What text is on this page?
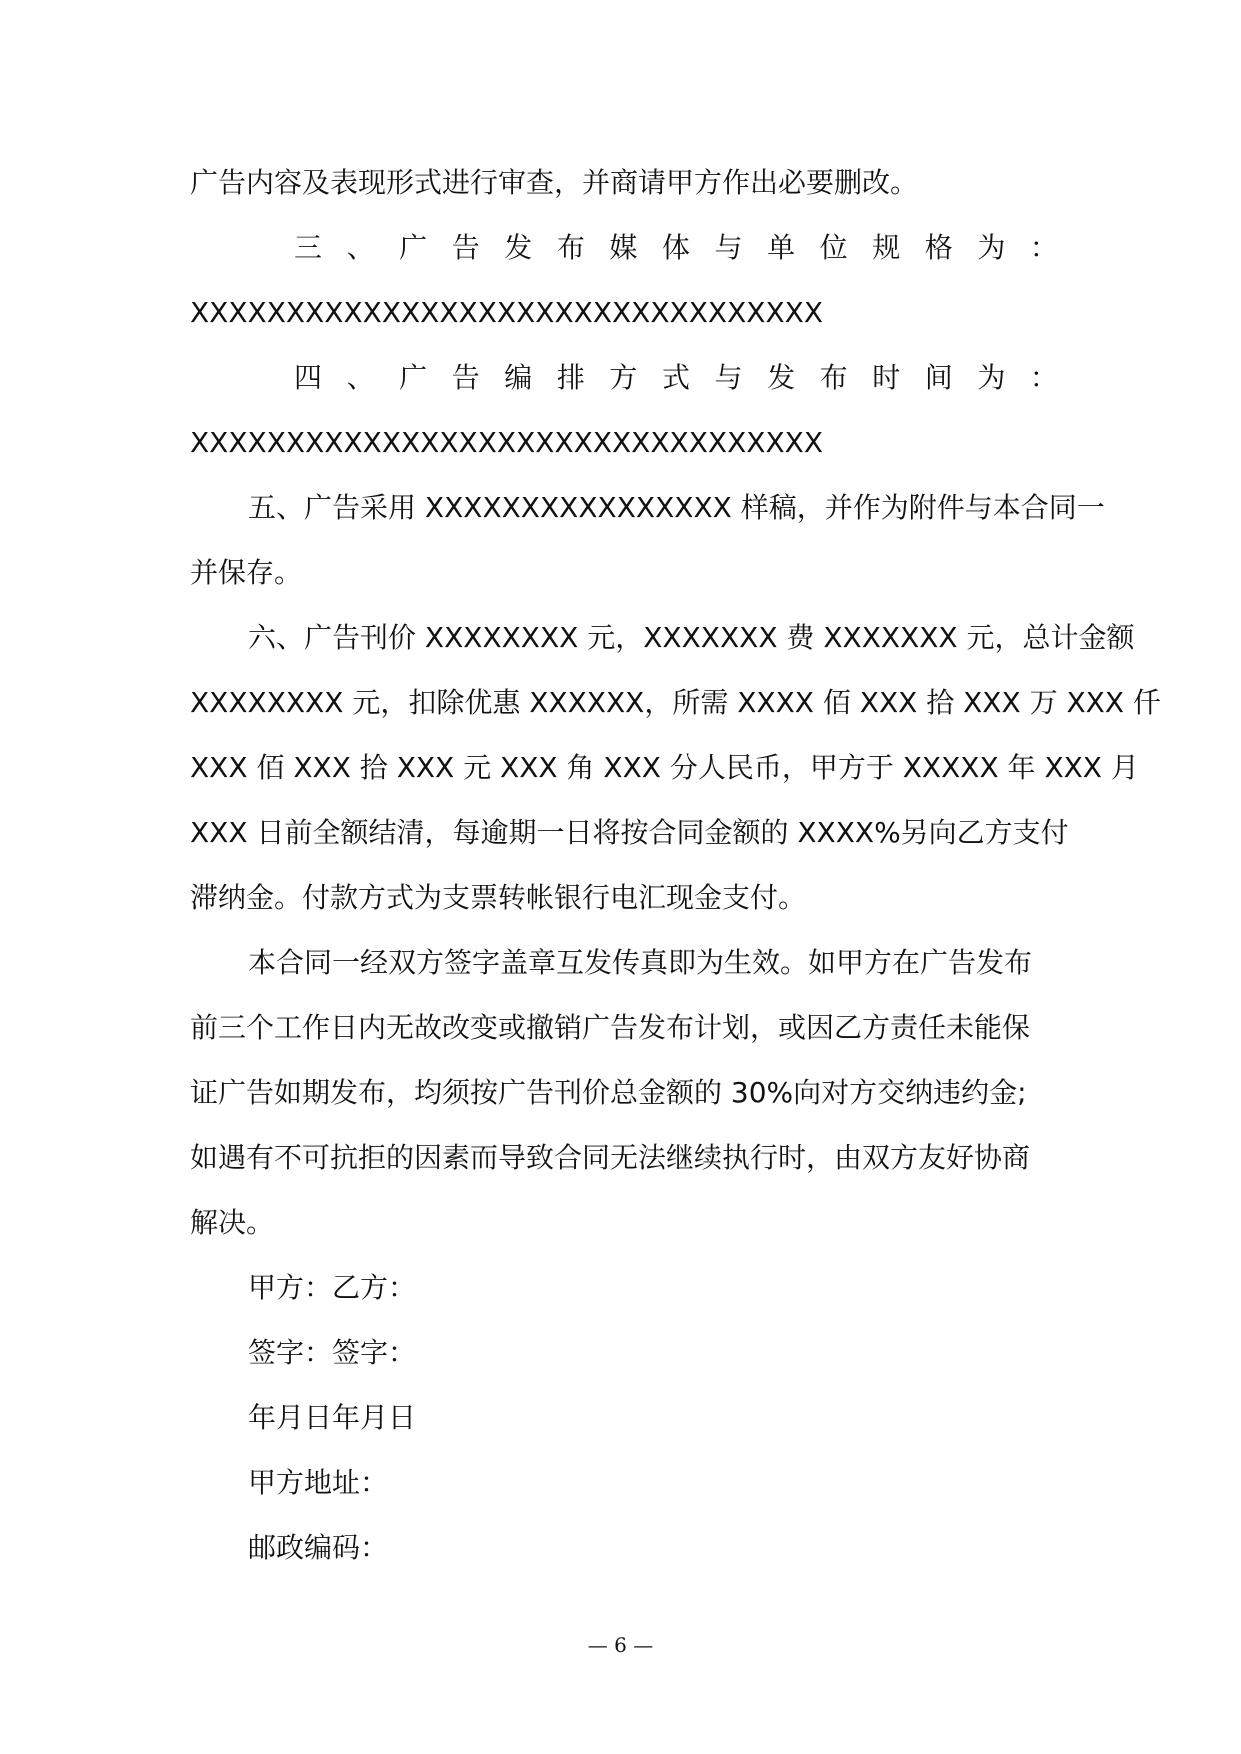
广告内容及表现形式进行审查，并商请甲方作出必要删改。
三 、 广 告 发 布 媒 体 与 单 位 规 格 为 ：
XXXXXXXXXXXXXXXXXXXXXXXXXXXXXXXXX
四 、 广 告 编 排 方 式 与 发 布 时 间 为 ：
XXXXXXXXXXXXXXXXXXXXXXXXXXXXXXXXX
五、广告采用 XXXXXXXXXXXXXXXX 样稿，并作为附件与本合同一
并保存。
六、广告刊价 XXXXXXXX 元，XXXXXXX 费 XXXXXXX 元，总计金额
XXXXXXXX 元，扣除优惠 XXXXXX，所需 XXXX 佰 XXX 拾 XXX 万 XXX 仟
XXX 佰 XXX 拾 XXX 元 XXX 角 XXX 分人民币，甲方于 XXXXX 年 XXX 月
XXX 日前全额结清，每逾期一日将按合同金额的 XXXX%另向乙方支付
滞纳金。付款方式为支票转帐银行电汇现金支付。
本合同一经双方签字盖章互发传真即为生效。如甲方在广告发布
前三个工作日内无故改变或撤销广告发布计划，或因乙方责任未能保
证广告如期发布，均须按广告刊价总金额的 30%向对方交纳违约金;
如遇有不可抗拒的因素而导致合同无法继续执行时，由双方友好协商
解决。
甲方：乙方：
签字：签字：
年月日年月日
甲方地址：
邮政编码：
— 6 —
